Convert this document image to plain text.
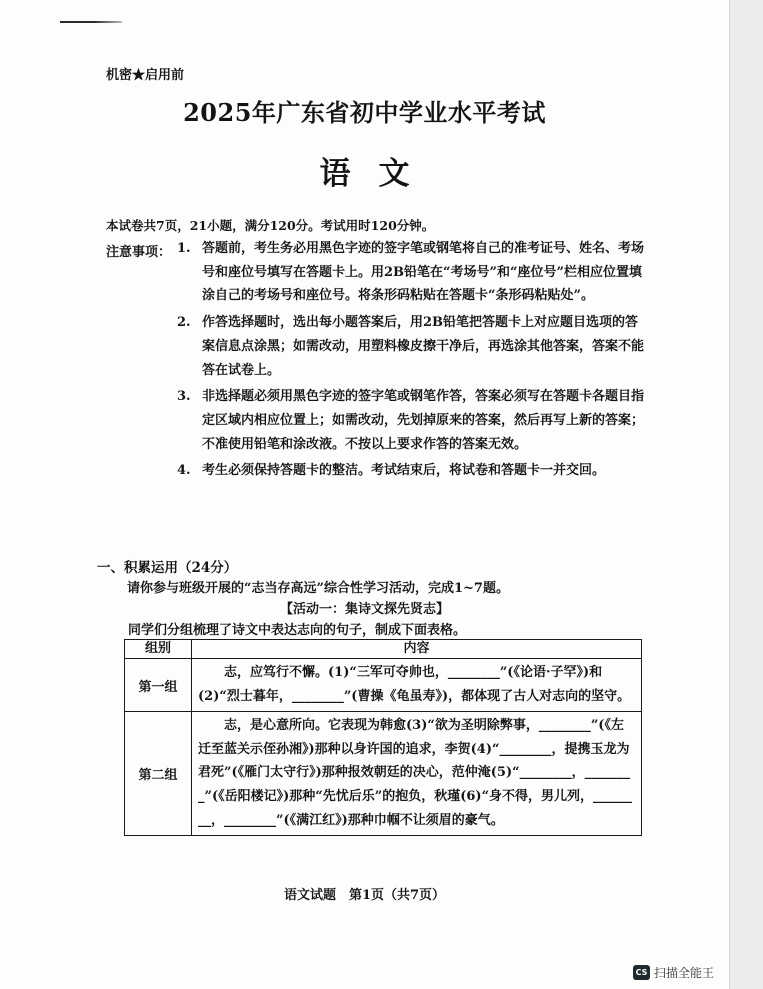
机密★启用前
2025年广东省初中学业水平考试
语文
本试卷共7页，21小题，满分120分。考试用时120分钟。
注意事项： 1. 答题前，考生务必用黑色字迹的签字笔或钢笔将自己的准考证号、姓名、考场号和座位号填写在答题卡上。用2B铅笔在“考场号”和“座位号”栏相应位置填涂自己的考场号和座位号。将条形码粘贴在答题卡“条形码粘贴处”。
2. 作答选择题时，选出每小题答案后，用2B铅笔把答题卡上对应题目选项的答案信息点涂黑；如需改动，用塑料橡皮擦干净后，再选涂其他答案，答案不能答在试卷上。
3. 非选择题必须用黑色字迹的签字笔或钢笔作答，答案必须写在答题卡各题目指定区域内相应位置上；如需改动，先划掉原来的答案，然后再写上新的答案；不准使用铅笔和涂改液。不按以上要求作答的答案无效。
4. 考生必须保持答题卡的整洁。考试结束后，将试卷和答题卡一并交回。
一、积累运用（24分）
请你参与班级开展的“志当存高远”综合性学习活动，完成1~7题。
【活动一：集诗文探先贤志】
同学们分组梳理了诗文中表达志向的句子，制成下面表格。
组别	内容
第一组	　　志，应笃行不懈。(1)“三军可夺帅也，________”(《论语·子罕》)和(2)“烈士暮年，________”(曹操《龟虽寿》)，都体现了古人对志向的坚守。
第二组	　　志，是心意所向。它表现为韩愈(3)“欲为圣明除弊事，________”(《左迁至蓝关示侄孙湘》)那种以身许国的追求，李贺(4)“________，提携玉龙为君死”(《雁门太守行》)那种报效朝廷的决心，范仲淹(5)“________，________”(《岳阳楼记》)那种“先忧后乐”的抱负，秋瑾(6)“身不得，男儿列，________，________”(《满江红》)那种巾帼不让须眉的豪气。
语文试题　第1页（共7页）
CS 扫描全能王
